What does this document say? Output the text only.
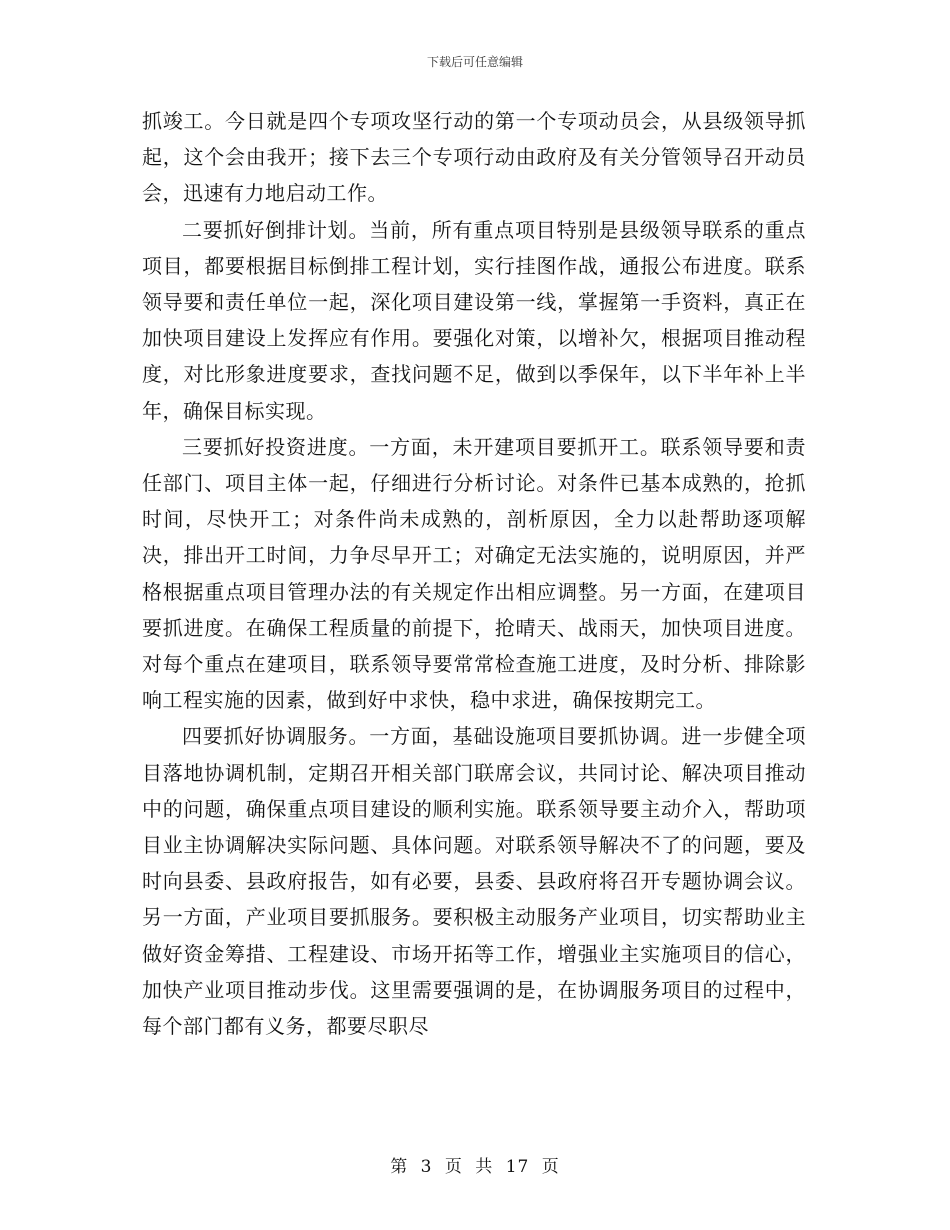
下载后可任意编辑

抓竣工。今日就是四个专项攻坚行动的第一个专项动员会，从县级领导抓起，这个会由我开；接下去三个专项行动由政府及有关分管领导召开动员会，迅速有力地启动工作。

二要抓好倒排计划。当前，所有重点项目特别是县级领导联系的重点项目，都要根据目标倒排工程计划，实行挂图作战，通报公布进度。联系领导要和责任单位一起，深化项目建设第一线，掌握第一手资料，真正在加快项目建设上发挥应有作用。要强化对策，以增补欠，根据项目推动程度，对比形象进度要求，查找问题不足，做到以季保年，以下半年补上半年，确保目标实现。

三要抓好投资进度。一方面，未开建项目要抓开工。联系领导要和责任部门、项目主体一起，仔细进行分析讨论。对条件已基本成熟的，抢抓时间，尽快开工；对条件尚未成熟的，剖析原因，全力以赴帮助逐项解决，排出开工时间，力争尽早开工；对确定无法实施的，说明原因，并严格根据重点项目管理办法的有关规定作出相应调整。另一方面，在建项目要抓进度。在确保工程质量的前提下，抢晴天、战雨天，加快项目进度。对每个重点在建项目，联系领导要常常检查施工进度，及时分析、排除影响工程实施的因素，做到好中求快，稳中求进，确保按期完工。

四要抓好协调服务。一方面，基础设施项目要抓协调。进一步健全项目落地协调机制，定期召开相关部门联席会议，共同讨论、解决项目推动中的问题，确保重点项目建设的顺利实施。联系领导要主动介入，帮助项目业主协调解决实际问题、具体问题。对联系领导解决不了的问题，要及时向县委、县政府报告，如有必要，县委、县政府将召开专题协调会议。另一方面，产业项目要抓服务。要积极主动服务产业项目，切实帮助业主做好资金筹措、工程建设、市场开拓等工作，增强业主实施项目的信心，加快产业项目推动步伐。这里需要强调的是，在协调服务项目的过程中，每个部门都有义务，都要尽职尽

第 3 页 共 17 页
